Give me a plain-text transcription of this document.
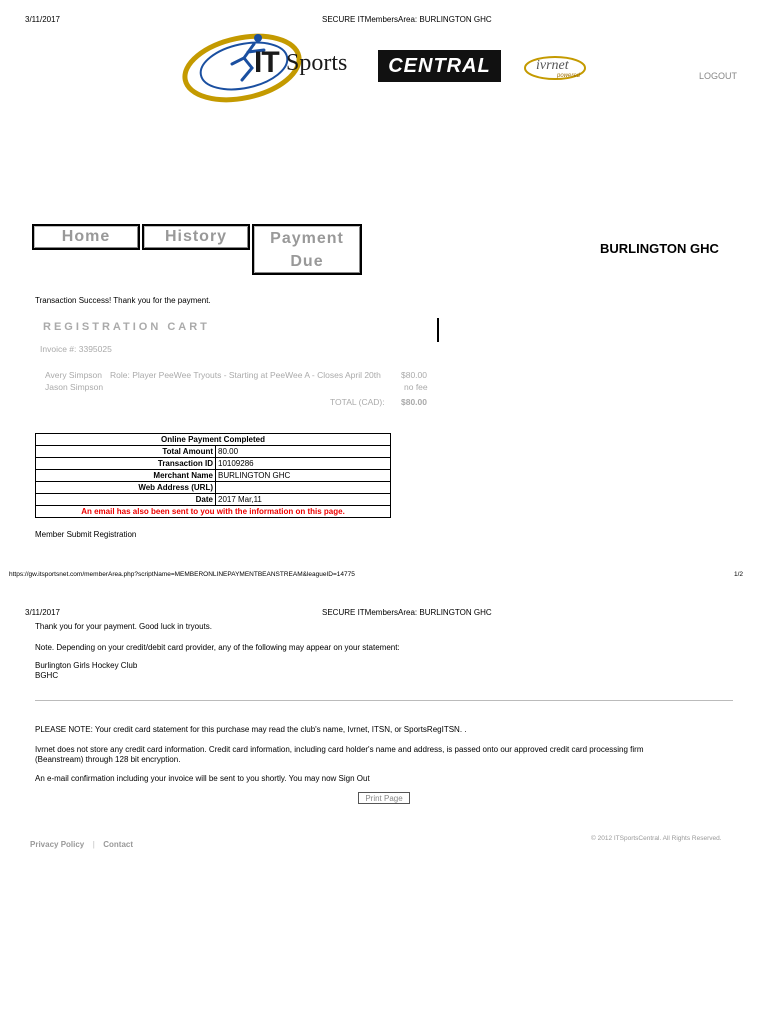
3/11/2017	SECURE ITMembersArea: BURLINGTON GHC
IT Sports	CENTRAL	ivrnet
powered	LOGOUT
Home	History	Payment
Due
BURLINGTON GHC
Transaction Success! Thank you for the payment.
REGISTRATION CART
Invoice #: 3395025
Avery Simpson Role: Player PeeWee Tryouts - Starting at PeeWee A - Closes April 20th $80.00
Jason Simpson	no fee
TOTAL (CAD): $80.00
Online Payment Completed	
Total Amount	80.00
Transaction ID	10109286
Merchant Name	BURLINGTON GHC
Web Address (URL)	
Date	2017 Mar,11
An email has also been sent to you with the information on this page.	
Member Submit Registration
https://gw.itsportsnet.com/memberArea.php?scriptName=MEMBERONLINEPAYMENTBEANSTREAM&leagueID=14775	1/2
3/11/2017	SECURE ITMembersArea: BURLINGTON GHC
Thank you for your payment. Good luck in tryouts.
Note. Depending on your credit/debit card provider, any of the following may appear on your statement:
Burlington Girls Hockey Club
BGHC
PLEASE NOTE: Your credit card statement for this purchase may read the club's name, Ivrnet, ITSN, or SportsRegITSN. .
Ivrnet does not store any credit card information. Credit card information, including card holder's name and address, is passed onto our approved credit card processing firm
(Beanstream) through 128 bit encryption.
An e-mail confirmation including your invoice will be sent to you shortly. You may now Sign Out
Print Page
Privacy Policy | Contact
© 2012 ITSportsCentral. All Rights Reserved.
